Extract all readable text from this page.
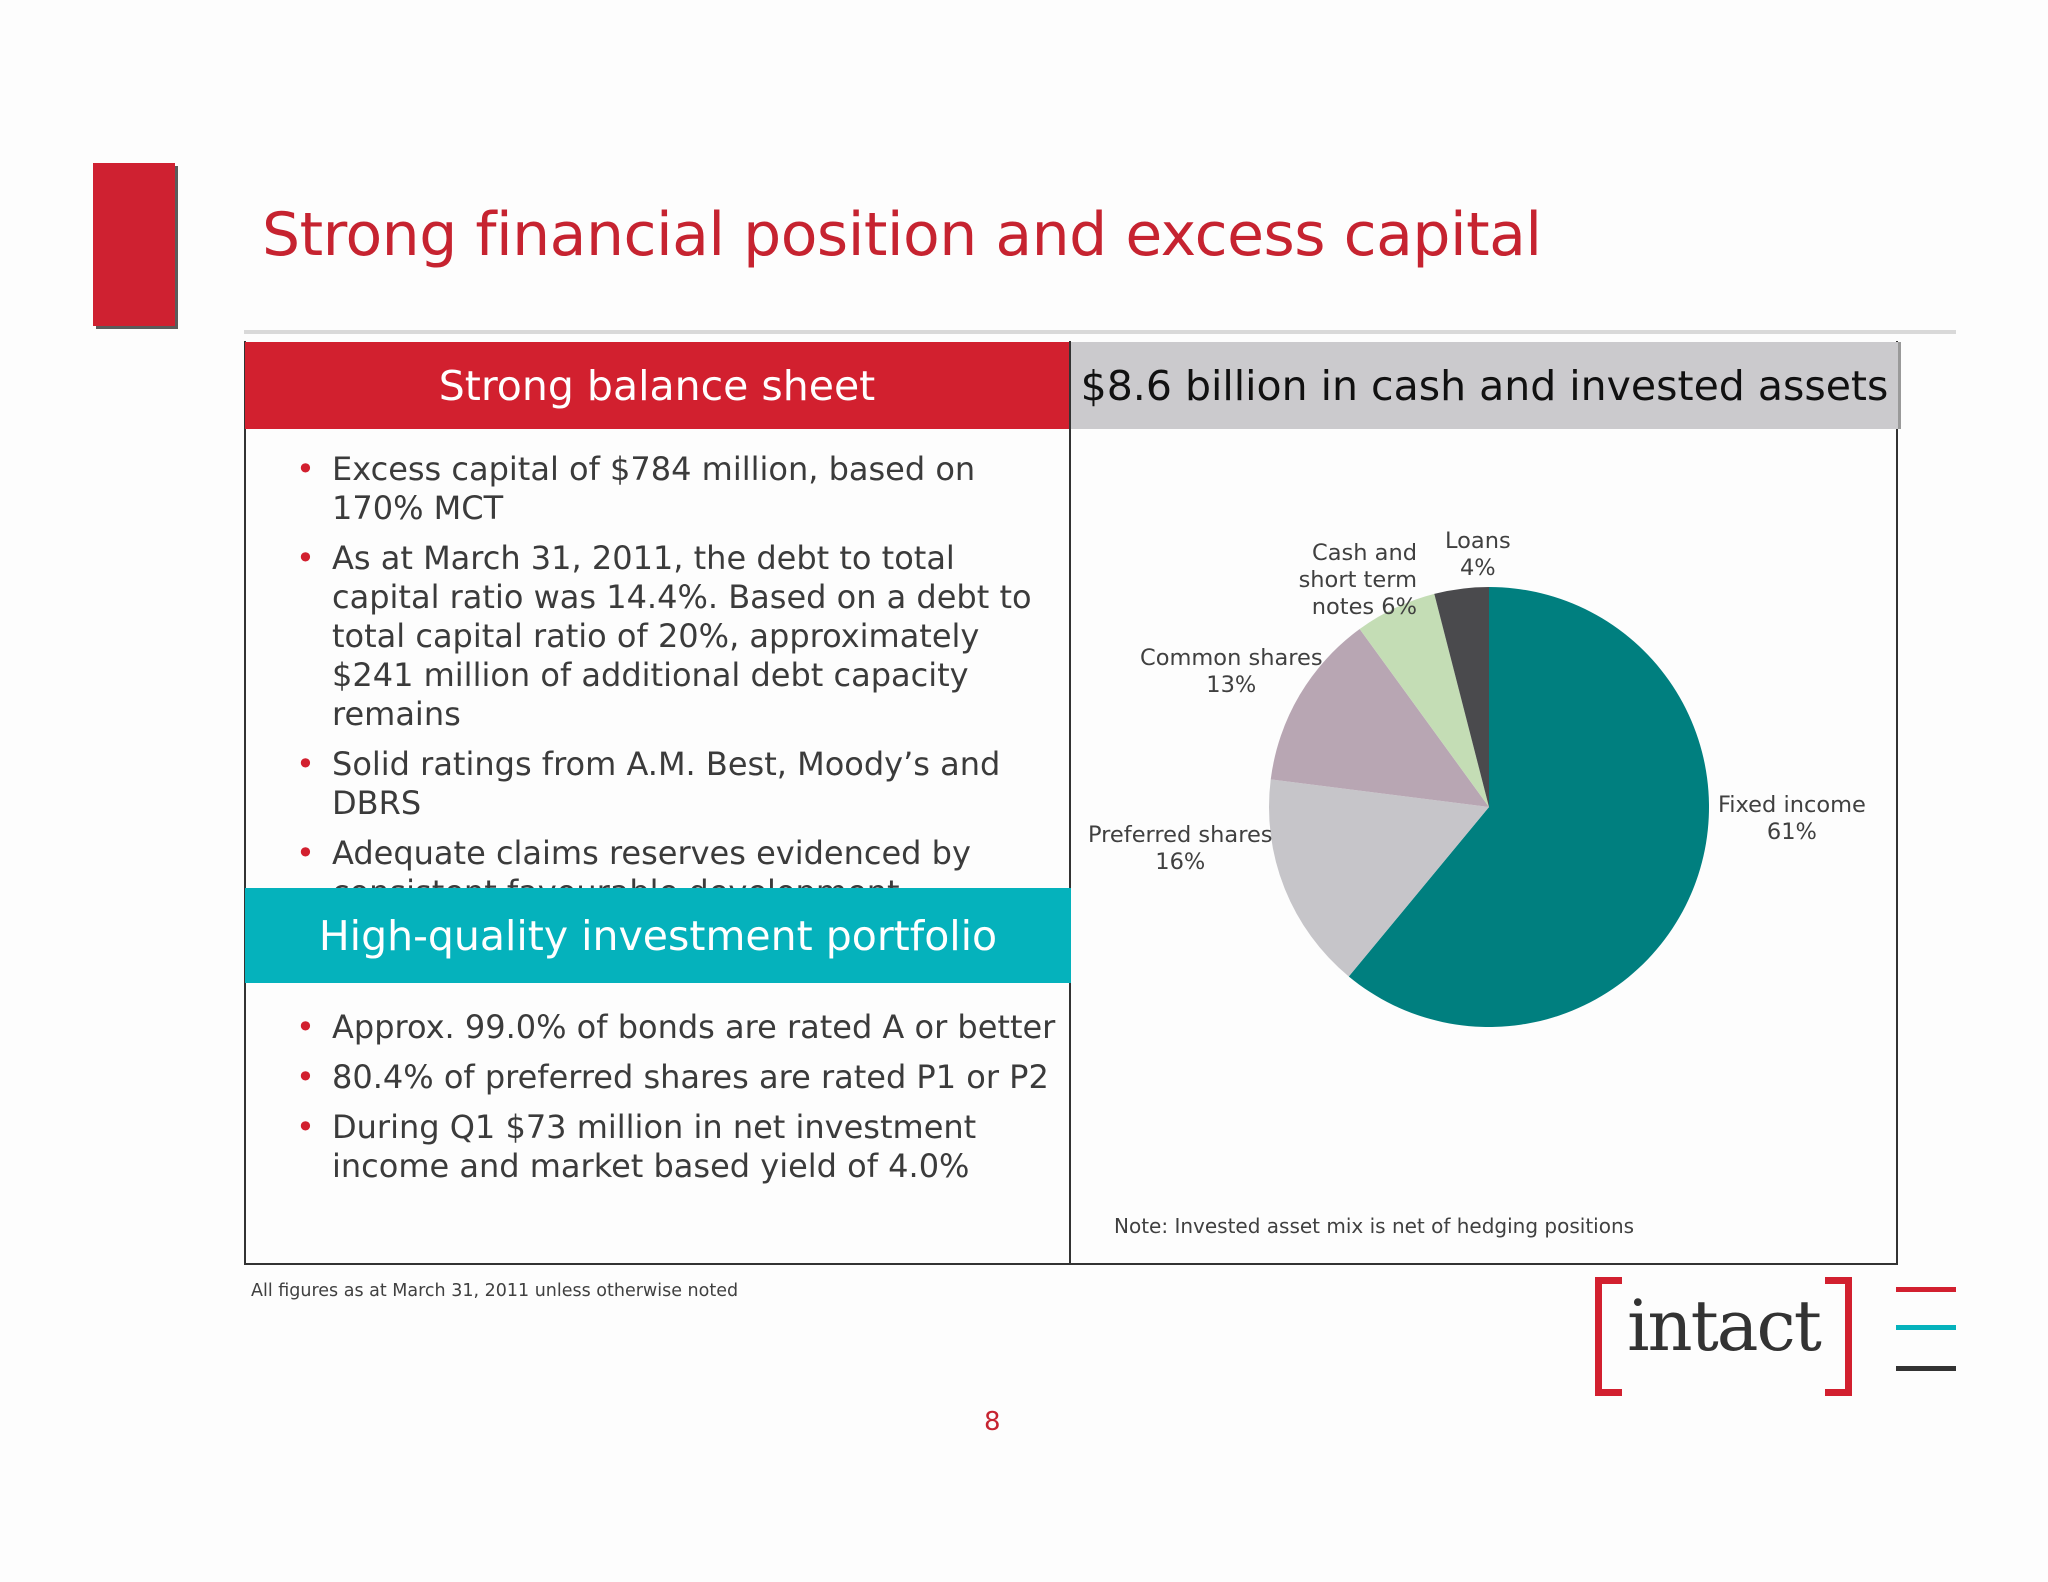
Strong financial position and excess capital
Strong balance sheet	$8.6 billion in cash and invested assets
• Excess capital of $784 million, based on 170% MCT
• As at March 31, 2011, the debt to total capital ratio was 14.4%. Based on a debt to total capital ratio of 20%, approximately $241 million of additional debt capacity remains
• Solid ratings from A.M. Best, Moody’s and DBRS
• Adequate claims reserves evidenced by
High-quality investment portfolio
• Approx. 99.0% of bonds are rated A or better
• 80.4% of preferred shares are rated P1 or P2
• During Q1 $73 million in net investment income and market based yield of 4.0%
Fixed income
61%
Preferred shares
16%
Common shares
13%
Cash and short term notes 6%
Loans
4%
Note: Invested asset mix is net of hedging positions
All figures as at March 31, 2011 unless otherwise noted
8
intact
